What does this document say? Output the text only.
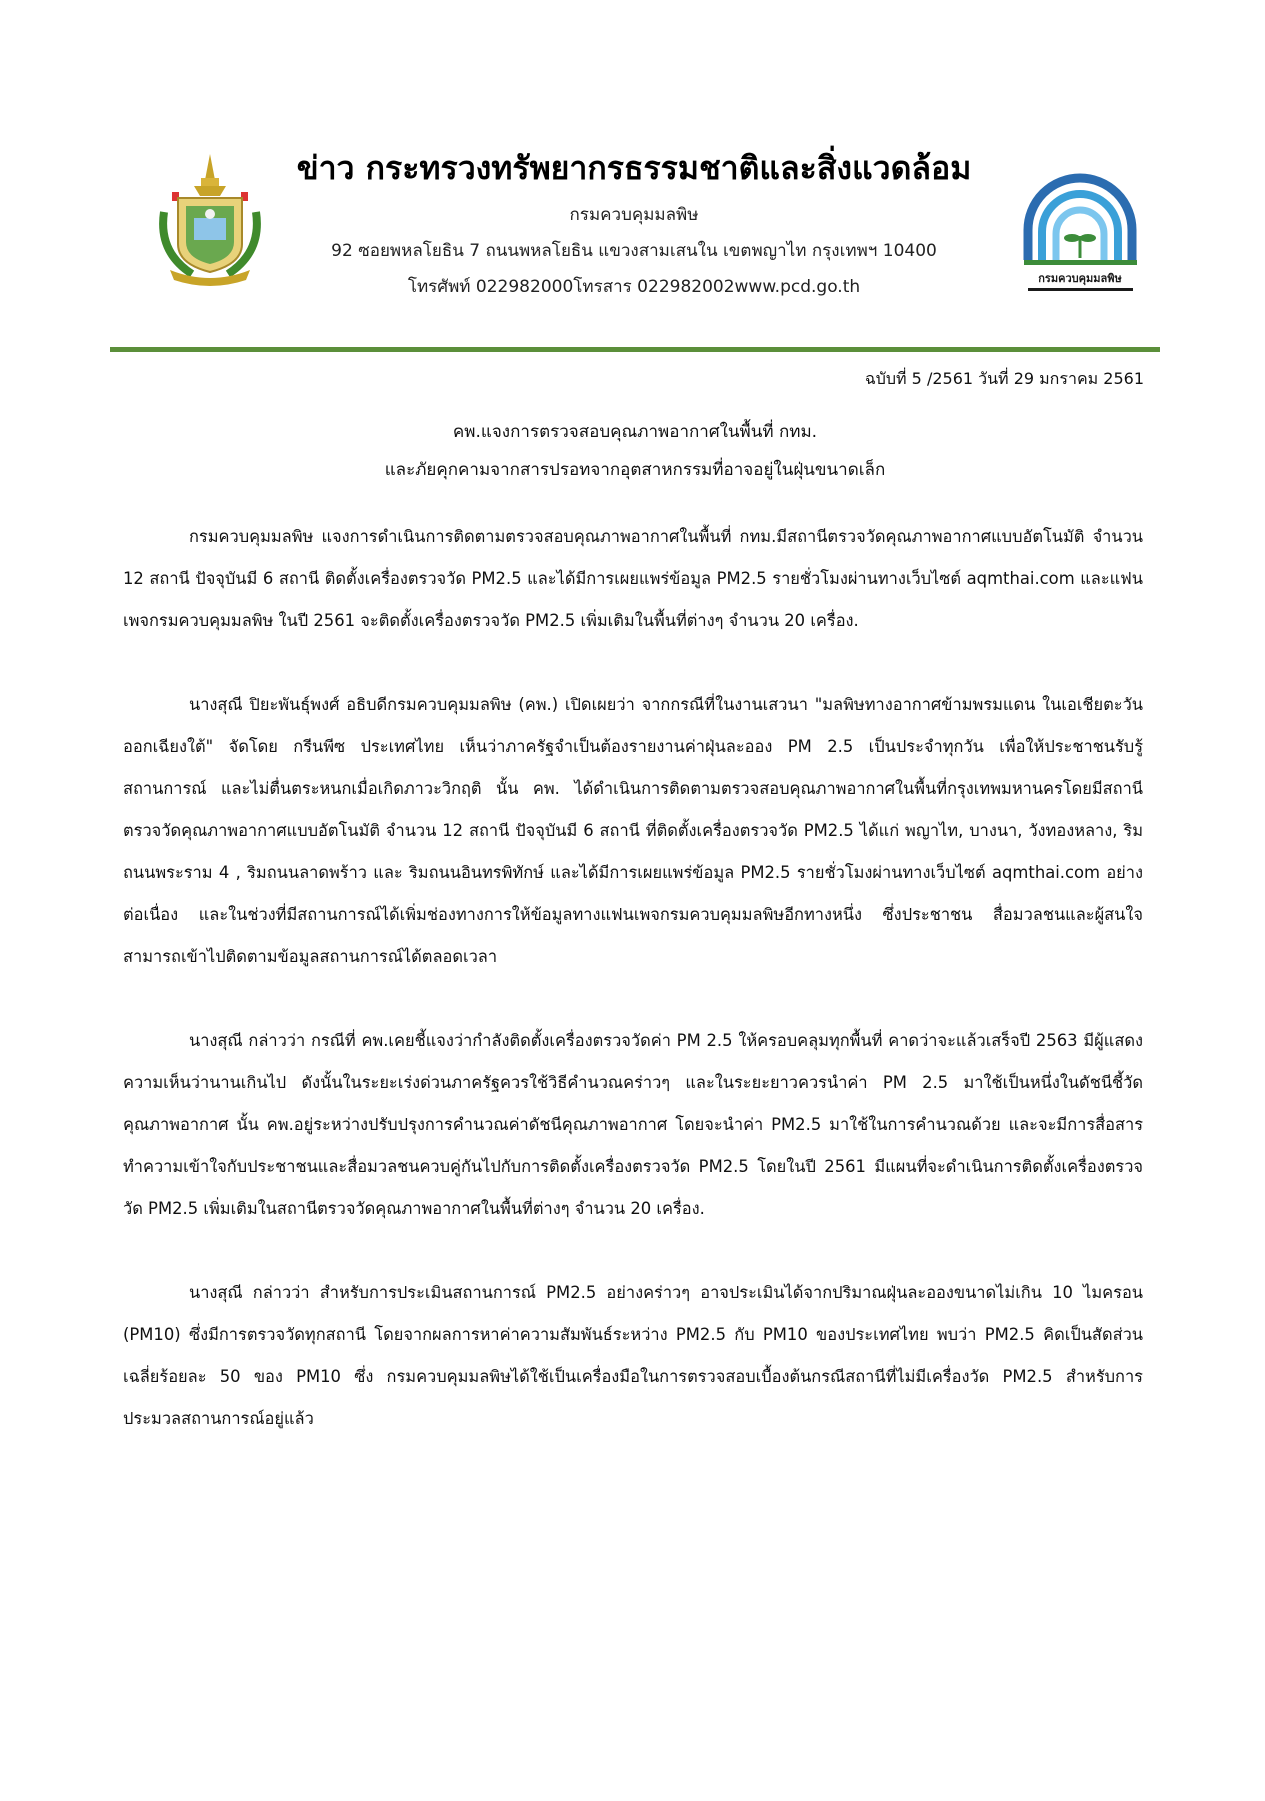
ข่าว กระทรวงทรัพยากรธรรมชาติและสิ่งแวดล้อม
กรมควบคุมมลพิษ
92 ซอยพหลโยธิน 7 ถนนพหลโยธิน แขวงสามเสนใน เขตพญาไท กรุงเทพฯ 10400
โทรศัพท์ 022982000โทรสาร 022982002www.pcd.go.th	กรมควบคุมมลพิษ
ฉบับที่ 5 /2561 วันที่ 29 มกราคม 2561
คพ.แจงการตรวจสอบคุณภาพอากาศในพื้นที่ กทม.
และภัยคุกคามจากสารปรอทจากอุตสาหกรรมที่อาจอยู่ในฝุ่นขนาดเล็ก

กรมควบคุมมลพิษ แจงการดำเนินการติดตามตรวจสอบคุณภาพอากาศในพื้นที่ กทม.มีสถานีตรวจวัดคุณภาพอากาศแบบอัตโนมัติ จำนวน 12 สถานี ปัจจุบันมี 6 สถานี ติดตั้งเครื่องตรวจวัด PM2.5 และได้มีการเผยแพร่ข้อมูล PM2.5 รายชั่วโมงผ่านทางเว็บไซต์ aqmthai.com และแฟนเพจกรมควบคุมมลพิษ ในปี 2561 จะติดตั้งเครื่องตรวจวัด PM2.5 เพิ่มเติมในพื้นที่ต่างๆ จำนวน 20 เครื่อง.

นางสุณี ปิยะพันธุ์พงศ์ อธิบดีกรมควบคุมมลพิษ (คพ.) เปิดเผยว่า จากกรณีที่ในงานเสวนา "มลพิษทางอากาศข้ามพรมแดน ในเอเชียตะวันออกเฉียงใต้" จัดโดย กรีนพีซ ประเทศไทย เห็นว่าภาครัฐจำเป็นต้องรายงานค่าฝุ่นละออง PM 2.5 เป็นประจำทุกวัน เพื่อให้ประชาชนรับรู้สถานการณ์ และไม่ตื่นตระหนกเมื่อเกิดภาวะวิกฤติ นั้น คพ. ได้ดำเนินการติดตามตรวจสอบคุณภาพอากาศในพื้นที่กรุงเทพมหานครโดยมีสถานีตรวจวัดคุณภาพอากาศแบบอัตโนมัติ จำนวน 12 สถานี ปัจจุบันมี 6 สถานี ที่ติดตั้งเครื่องตรวจวัด PM2.5 ได้แก่ พญาไท, บางนา, วังทองหลาง, ริมถนนพระราม 4 , ริมถนนลาดพร้าว และ ริมถนนอินทรพิทักษ์ และได้มีการเผยแพร่ข้อมูล PM2.5 รายชั่วโมงผ่านทางเว็บไซต์ aqmthai.com อย่างต่อเนื่อง และในช่วงที่มีสถานการณ์ได้เพิ่มช่องทางการให้ข้อมูลทางแฟนเพจกรมควบคุมมลพิษอีกทางหนึ่ง ซึ่งประชาชน สื่อมวลชนและผู้สนใจสามารถเข้าไปติดตามข้อมูลสถานการณ์ได้ตลอดเวลา

นางสุณี กล่าวว่า กรณีที่ คพ.เคยชี้แจงว่ากำลังติดตั้งเครื่องตรวจวัดค่า PM 2.5 ให้ครอบคลุมทุกพื้นที่ คาดว่าจะแล้วเสร็จปี 2563 มีผู้แสดงความเห็นว่านานเกินไป ดังนั้นในระยะเร่งด่วนภาครัฐควรใช้วิธีคำนวณคร่าวๆ และในระยะยาวควรนำค่า PM 2.5 มาใช้เป็นหนึ่งในดัชนีชี้วัดคุณภาพอากาศ นั้น คพ.อยู่ระหว่างปรับปรุงการคำนวณค่าดัชนีคุณภาพอากาศ โดยจะนำค่า PM2.5 มาใช้ในการคำนวณด้วย และจะมีการสื่อสารทำความเข้าใจกับประชาชนและสื่อมวลชนควบคู่กันไปกับการติดตั้งเครื่องตรวจวัด PM2.5 โดยในปี 2561 มีแผนที่จะดำเนินการติดตั้งเครื่องตรวจวัด PM2.5 เพิ่มเติมในสถานีตรวจวัดคุณภาพอากาศในพื้นที่ต่างๆ จำนวน 20 เครื่อง.

นางสุณี กล่าวว่า สำหรับการประเมินสถานการณ์ PM2.5 อย่างคร่าวๆ อาจประเมินได้จากปริมาณฝุ่นละอองขนาดไม่เกิน 10 ไมครอน (PM10) ซึ่งมีการตรวจวัดทุกสถานี โดยจากผลการหาค่าความสัมพันธ์ระหว่าง PM2.5 กับ PM10 ของประเทศไทย พบว่า PM2.5 คิดเป็นสัดส่วนเฉลี่ยร้อยละ 50 ของ PM10 ซึ่ง กรมควบคุมมลพิษได้ใช้เป็นเครื่องมือในการตรวจสอบเบื้องต้นกรณีสถานีที่ไม่มีเครื่องวัด PM2.5 สำหรับการประมวลสถานการณ์อยู่แล้ว
